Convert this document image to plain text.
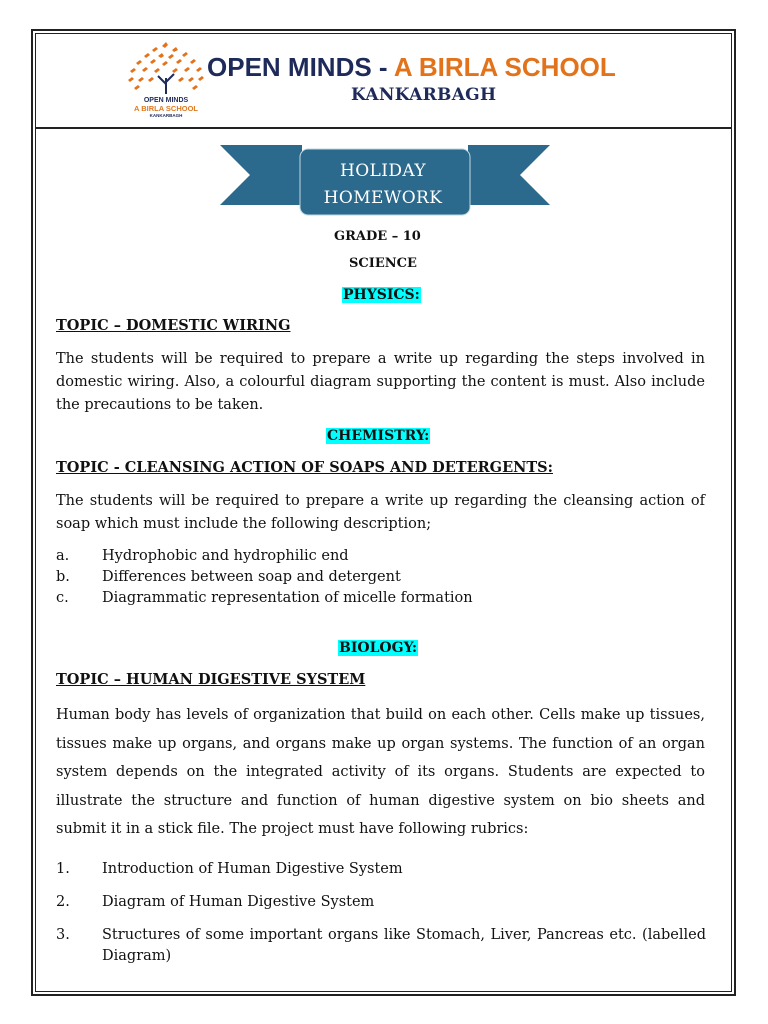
OPEN MINDS
A BIRLA SCHOOL
KANKARBAGH
OPEN MINDS - A BIRLA SCHOOL
KANKARBAGH
HOLIDAY
HOMEWORK
GRADE – 10
SCIENCE
PHYSICS:
TOPIC – DOMESTIC WIRING

The students will be required to prepare a write up regarding the steps involved in domestic wiring. Also, a colourful diagram supporting the content is must. Also include the precautions to be taken.

CHEMISTRY:
TOPIC - CLEANSING ACTION OF SOAPS AND DETERGENTS:

The students will be required to prepare a write up regarding the cleansing action of soap which must include the following description;

a. Hydrophobic and hydrophilic end
b. Differences between soap and detergent
c. Diagrammatic representation of micelle formation
BIOLOGY:
TOPIC – HUMAN DIGESTIVE SYSTEM

Human body has levels of organization that build on each other. Cells make up tissues, tissues make up organs, and organs make up organ systems. The function of an organ system depends on the integrated activity of its organs. Students are expected to illustrate the structure and function of human digestive system on bio sheets and submit it in a stick file. The project must have following rubrics:

1. Introduction of Human Digestive System
2. Diagram of Human Digestive System
3. Structures of some important organs like Stomach, Liver, Pancreas etc. (labelled Diagram)
